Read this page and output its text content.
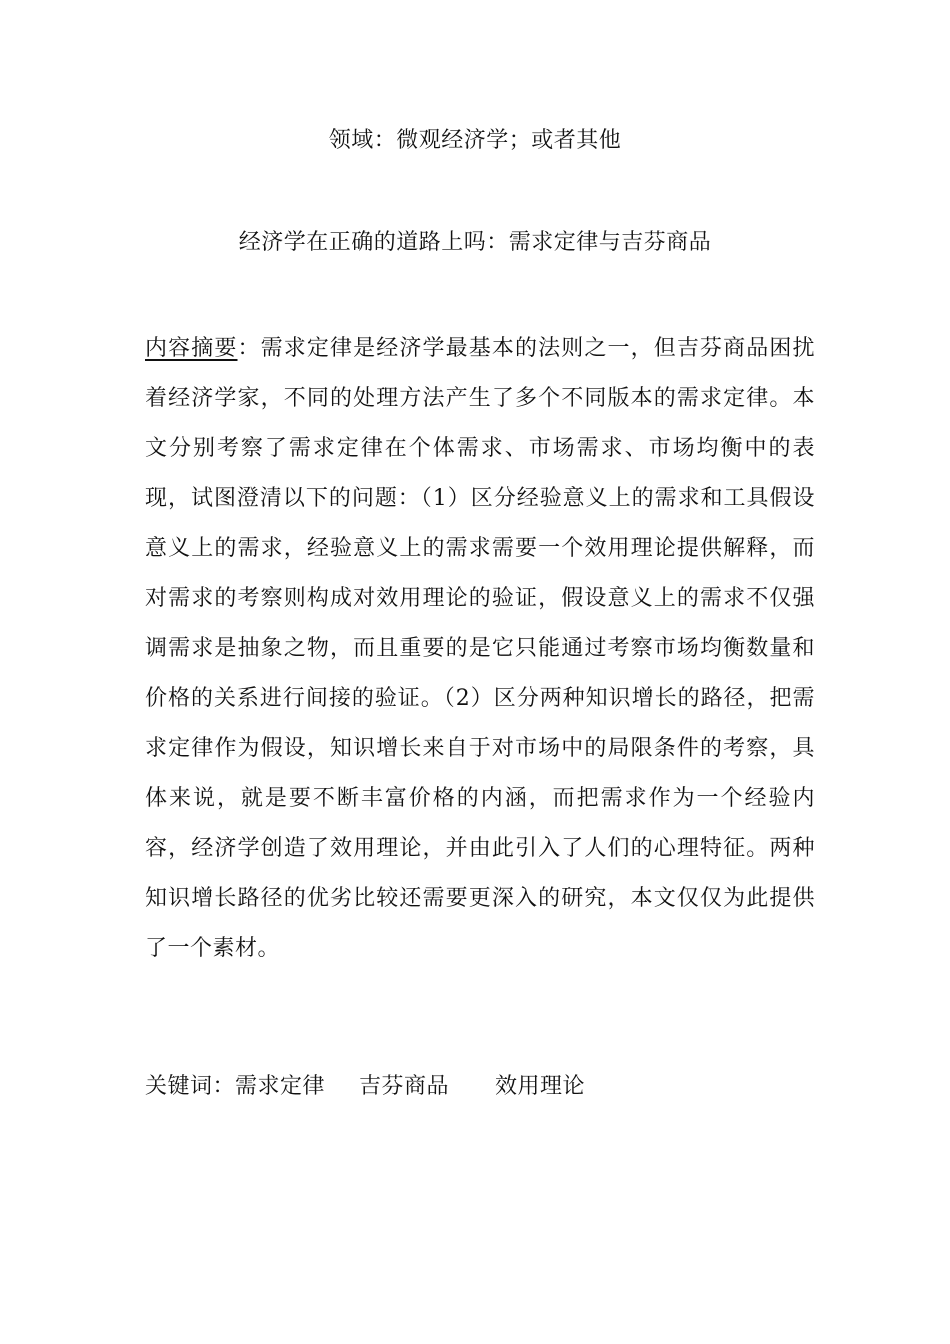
领域：微观经济学；或者其他
经济学在正确的道路上吗：需求定律与吉芬商品

内容摘要：需求定律是经济学最基本的法则之一，但吉芬商品困扰着经济学家，不同的处理方法产生了多个不同版本的需求定律。本文分别考察了需求定律在个体需求、市场需求、市场均衡中的表现，试图澄清以下的问题：（1）区分经验意义上的需求和工具假设意义上的需求，经验意义上的需求需要一个效用理论提供解释，而对需求的考察则构成对效用理论的验证，假设意义上的需求不仅强调需求是抽象之物，而且重要的是它只能通过考察市场均衡数量和价格的关系进行间接的验证。（2）区分两种知识增长的路径，把需求定律作为假设，知识增长来自于对市场中的局限条件的考察，具体来说，就是要不断丰富价格的内涵，而把需求作为一个经验内容，经济学创造了效用理论，并由此引入了人们的心理特征。两种知识增长路径的优劣比较还需要更深入的研究，本文仅仅为此提供了一个素材。

关键词：需求定律 吉芬商品 效用理论
